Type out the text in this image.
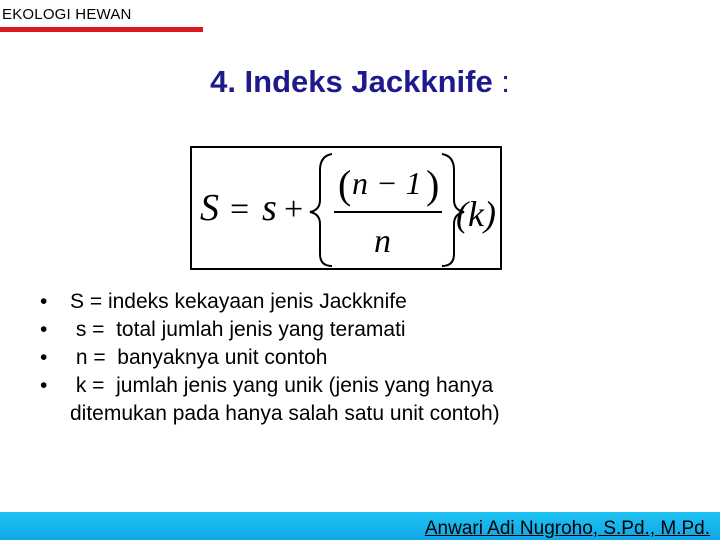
EKOLOGI HEWAN
4. Indeks Jackknife :
S = s +
( n − 1 )
n
(k)
•	S = indeks kekayaan jenis Jackknife
•	s =  total jumlah jenis yang teramati
•	n =  banyaknya unit contoh
•	k =  jumlah jenis yang unik (jenis yang hanya
ditemukan pada hanya salah satu unit contoh)
Anwari Adi Nugroho, S.Pd., M.Pd.
